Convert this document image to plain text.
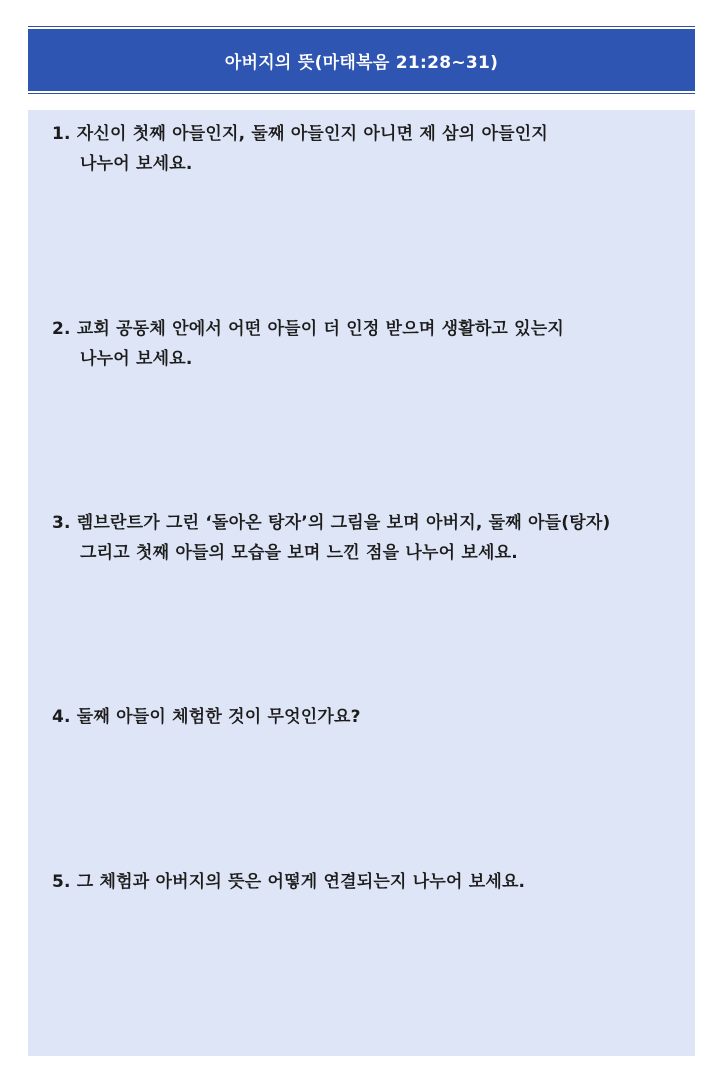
아버지의 뜻(마태복음 21:28~31)
1. 자신이 첫째 아들인지, 둘째 아들인지 아니면 제 삼의 아들인지
나누어 보세요.
2. 교회 공동체 안에서 어떤 아들이 더 인정 받으며 생활하고 있는지
나누어 보세요.
3. 렘브란트가 그린 ‘돌아온 탕자’의 그림을 보며 아버지, 둘째 아들(탕자)
그리고 첫째 아들의 모습을 보며 느낀 점을 나누어 보세요.
4. 둘째 아들이 체험한 것이 무엇인가요?
5. 그 체험과 아버지의 뜻은 어떻게 연결되는지 나누어 보세요.
